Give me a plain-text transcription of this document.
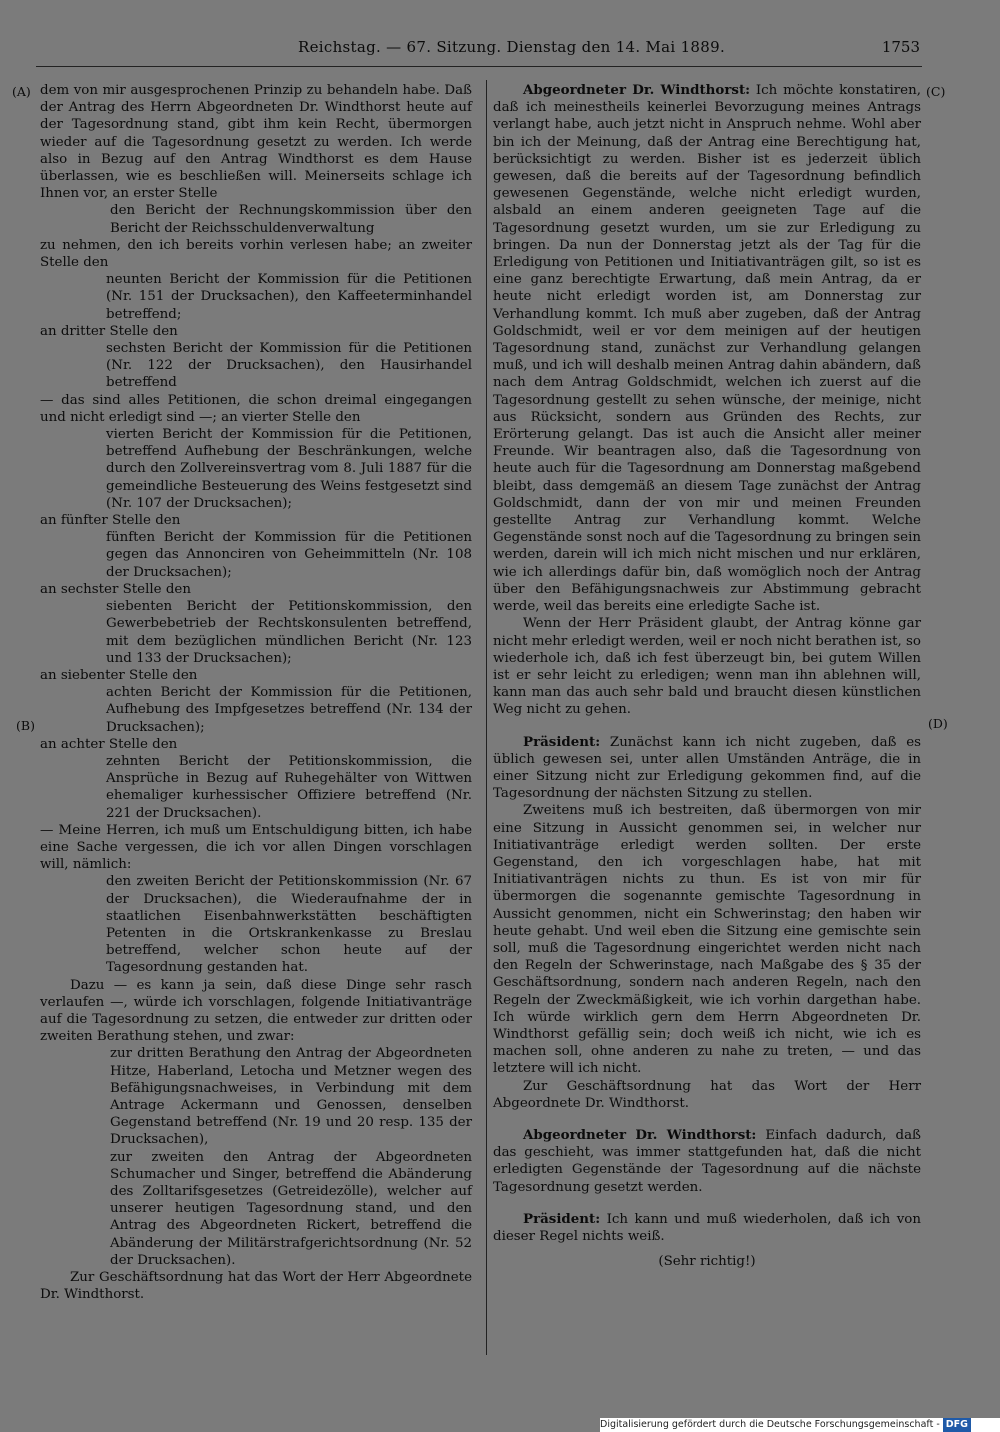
Reichstag. — 67. Sitzung. Dienstag den 14. Mai 1889.	1753
(A)
(B)
(C)
(D)

dem von mir ausgesprochenen Prinzip zu behandeln habe. Daß der Antrag des Herrn Abgeordneten Dr. Windthorst heute auf der Tagesordnung stand, gibt ihm kein Recht, übermorgen wieder auf die Tagesordnung gesetzt zu werden. Ich werde also in Bezug auf den Antrag Windthorst es dem Hause überlassen, wie es beschließen will. Meinerseits schlage ich Ihnen vor, an erster Stelle

den Bericht der Rechnungskommission über den Bericht der Reichsschuldenverwaltung

zu nehmen, den ich bereits vorhin verlesen habe; an zweiter Stelle den

neunten Bericht der Kommission für die Petitionen (Nr. 151 der Drucksachen), den Kaffeeterminhandel betreffend;

an dritter Stelle den

sechsten Bericht der Kommission für die Petitionen (Nr. 122 der Drucksachen), den Hausirhandel betreffend

— das sind alles Petitionen, die schon dreimal eingegangen und nicht erledigt sind —; an vierter Stelle den

vierten Bericht der Kommission für die Petitionen, betreffend Aufhebung der Beschränkungen, welche durch den Zollvereinsvertrag vom 8. Juli 1887 für die gemeindliche Besteuerung des Weins festgesetzt sind (Nr. 107 der Drucksachen);

an fünfter Stelle den

fünften Bericht der Kommission für die Petitionen gegen das Annonciren von Geheimmitteln (Nr. 108 der Drucksachen);

an sechster Stelle den

siebenten Bericht der Petitionskommission, den Gewerbebetrieb der Rechtskonsulenten betreffend, mit dem bezüglichen mündlichen Bericht (Nr. 123 und 133 der Drucksachen);

an siebenter Stelle den

achten Bericht der Kommission für die Petitionen, Aufhebung des Impfgesetzes betreffend (Nr. 134 der Drucksachen);

an achter Stelle den

zehnten Bericht der Petitionskommission, die Ansprüche in Bezug auf Ruhegehälter von Wittwen ehemaliger kurhessischer Offiziere betreffend (Nr. 221 der Drucksachen).

— Meine Herren, ich muß um Entschuldigung bitten, ich habe eine Sache vergessen, die ich vor allen Dingen vorschlagen will, nämlich:

den zweiten Bericht der Petitionskommission (Nr. 67 der Drucksachen), die Wiederaufnahme der in staatlichen Eisenbahnwerkstätten beschäftigten Petenten in die Ortskrankenkasse zu Breslau betreffend, welcher schon heute auf der Tagesordnung gestanden hat.

Dazu — es kann ja sein, daß diese Dinge sehr rasch verlaufen —, würde ich vorschlagen, folgende Initiativanträge auf die Tagesordnung zu setzen, die entweder zur dritten oder zweiten Berathung stehen, und zwar:

zur dritten Berathung den Antrag der Abgeordneten Hitze, Haberland, Letocha und Metzner wegen des Befähigungsnachweises, in Verbindung mit dem Antrage Ackermann und Genossen, denselben Gegenstand betreffend (Nr. 19 und 20 resp. 135 der Drucksachen),

zur zweiten den Antrag der Abgeordneten Schumacher und Singer, betreffend die Abänderung des Zolltarifsgesetzes (Getreidezölle), welcher auf unserer heutigen Tagesordnung stand, und den Antrag des Abgeordneten Rickert, betreffend die Abänderung der Militärstrafgerichtsordnung (Nr. 52 der Drucksachen).

Zur Geschäftsordnung hat das Wort der Herr Abgeordnete Dr. Windthorst.

Abgeordneter Dr. Windthorst: Ich möchte konstatiren, daß ich meinestheils keinerlei Bevorzugung meines Antrags verlangt habe, auch jetzt nicht in Anspruch nehme. Wohl aber bin ich der Meinung, daß der Antrag eine Berechtigung hat, berücksichtigt zu werden. Bisher ist es jederzeit üblich gewesen, daß die bereits auf der Tagesordnung befindlich gewesenen Gegenstände, welche nicht erledigt wurden, alsbald an einem anderen geeigneten Tage auf die Tagesordnung gesetzt wurden, um sie zur Erledigung zu bringen. Da nun der Donnerstag jetzt als der Tag für die Erledigung von Petitionen und Initiativanträgen gilt, so ist es eine ganz berechtigte Erwartung, daß mein Antrag, da er heute nicht erledigt worden ist, am Donnerstag zur Verhandlung kommt. Ich muß aber zugeben, daß der Antrag Goldschmidt, weil er vor dem meinigen auf der heutigen Tagesordnung stand, zunächst zur Verhandlung gelangen muß, und ich will deshalb meinen Antrag dahin abändern, daß nach dem Antrag Goldschmidt, welchen ich zuerst auf die Tagesordnung gestellt zu sehen wünsche, der meinige, nicht aus Rücksicht, sondern aus Gründen des Rechts, zur Erörterung gelangt. Das ist auch die Ansicht aller meiner Freunde. Wir beantragen also, daß die Tagesordnung von heute auch für die Tagesordnung am Donnerstag maßgebend bleibt, dass demgemäß an diesem Tage zunächst der Antrag Goldschmidt, dann der von mir und meinen Freunden gestellte Antrag zur Verhandlung kommt. Welche Gegenstände sonst noch auf die Tagesordnung zu bringen sein werden, darein will ich mich nicht mischen und nur erklären, wie ich allerdings dafür bin, daß womöglich noch der Antrag über den Befähigungsnachweis zur Abstimmung gebracht werde, weil das bereits eine erledigte Sache ist.

Wenn der Herr Präsident glaubt, der Antrag könne gar nicht mehr erledigt werden, weil er noch nicht berathen ist, so wiederhole ich, daß ich fest überzeugt bin, bei gutem Willen ist er sehr leicht zu erledigen; wenn man ihn ablehnen will, kann man das auch sehr bald und braucht diesen künstlichen Weg nicht zu gehen.

Präsident: Zunächst kann ich nicht zugeben, daß es üblich gewesen sei, unter allen Umständen Anträge, die in einer Sitzung nicht zur Erledigung gekommen find, auf die Tagesordnung der nächsten Sitzung zu stellen.

Zweitens muß ich bestreiten, daß übermorgen von mir eine Sitzung in Aussicht genommen sei, in welcher nur Initiativanträge erledigt werden sollten. Der erste Gegenstand, den ich vorgeschlagen habe, hat mit Initiativanträgen nichts zu thun. Es ist von mir für übermorgen die sogenannte gemischte Tagesordnung in Aussicht genommen, nicht ein Schwerinstag; den haben wir heute gehabt. Und weil eben die Sitzung eine gemischte sein soll, muß die Tagesordnung eingerichtet werden nicht nach den Regeln der Schwerinstage, nach Maßgabe des § 35 der Geschäftsordnung, sondern nach anderen Regeln, nach den Regeln der Zweckmäßigkeit, wie ich vorhin dargethan habe. Ich würde wirklich gern dem Herrn Abgeordneten Dr. Windthorst gefällig sein; doch weiß ich nicht, wie ich es machen soll, ohne anderen zu nahe zu treten, — und das letztere will ich nicht.

Zur Geschäftsordnung hat das Wort der Herr Abgeordnete Dr. Windthorst.

Abgeordneter Dr. Windthorst: Einfach dadurch, daß das geschieht, was immer stattgefunden hat, daß die nicht erledigten Gegenstände der Tagesordnung auf die nächste Tagesordnung gesetzt werden.

Präsident: Ich kann und muß wiederholen, daß ich von dieser Regel nichts weiß.

(Sehr richtig!)

Digitalisierung gefördert durch die Deutsche Forschungsgemeinschaft - DFG
